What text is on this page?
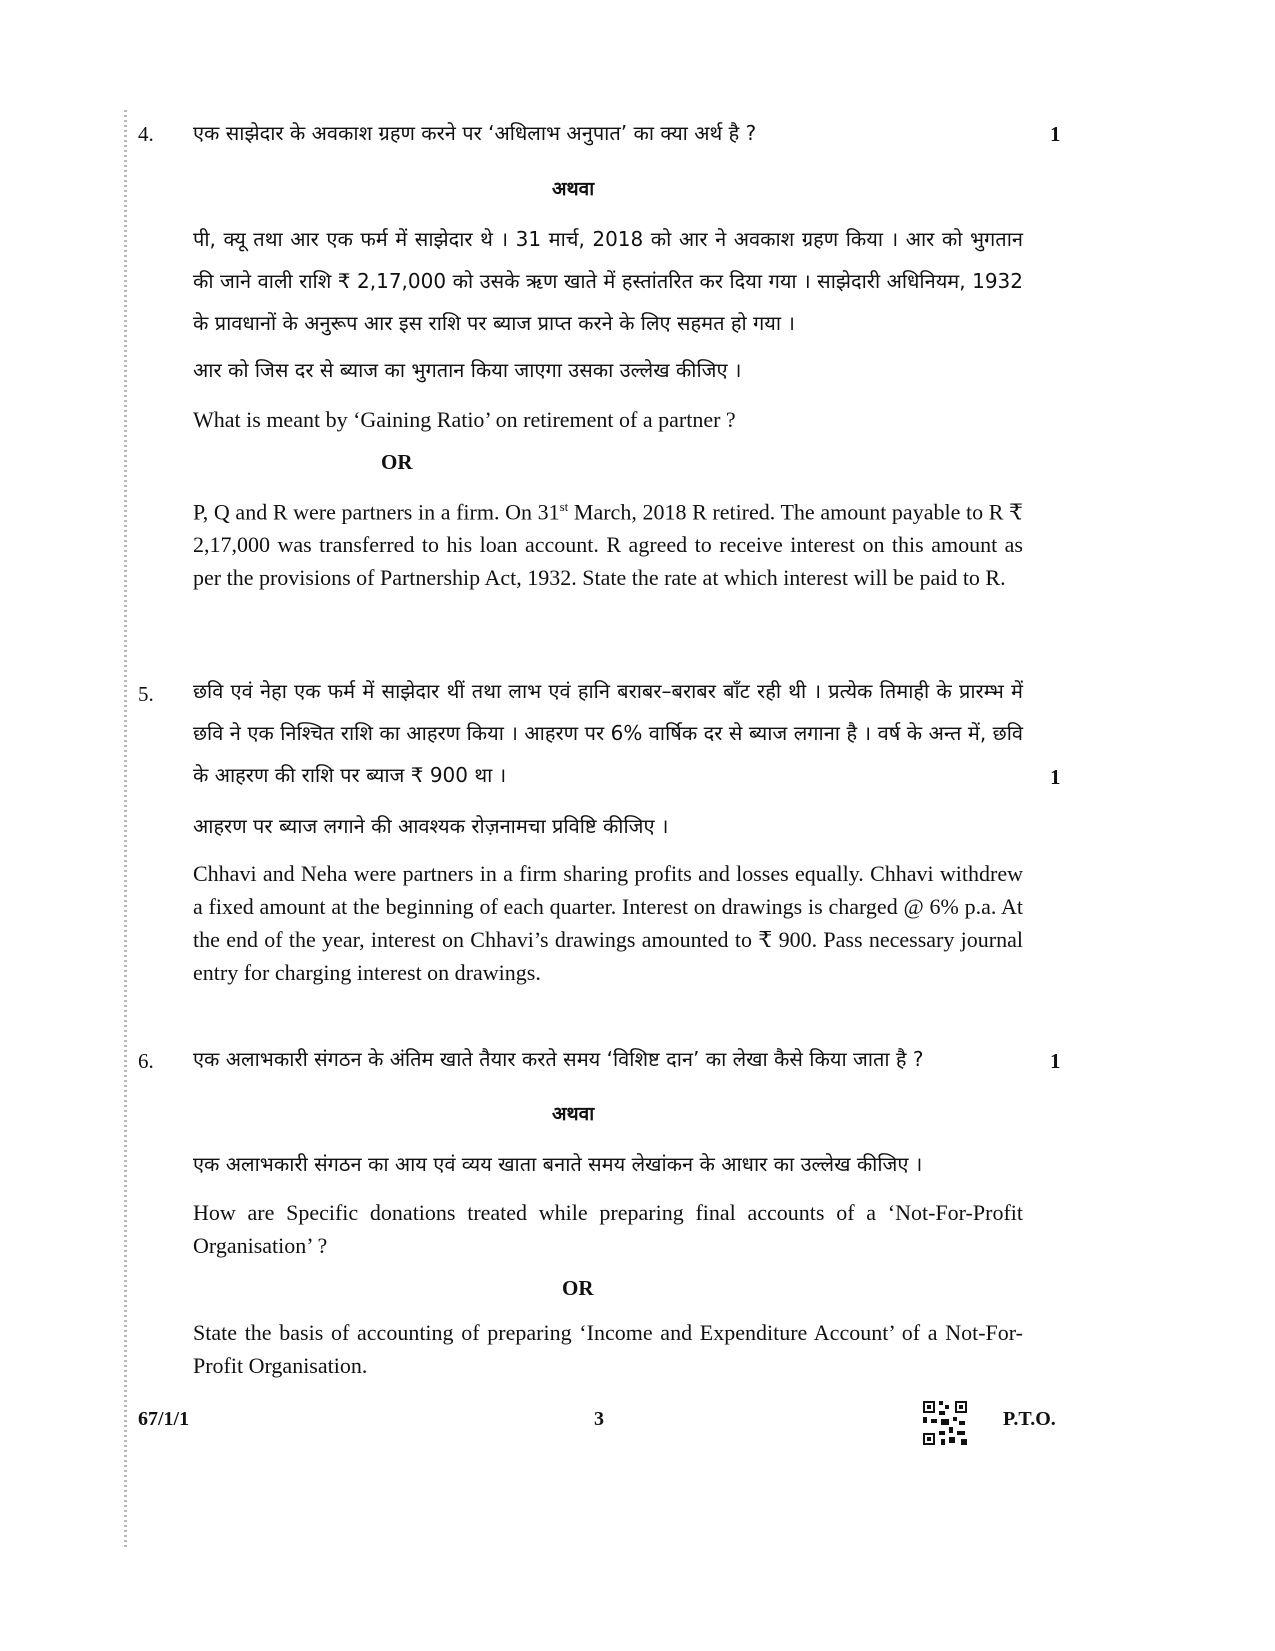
4.	1
एक साझेदार के अवकाश ग्रहण करने पर ‘अधिलाभ अनुपात’ का क्या अर्थ है ?
अथवा
पी, क्यू तथा आर एक फर्म में साझेदार थे । 31 मार्च, 2018 को आर ने अवकाश ग्रहण किया । आर को भुगतान की जाने वाली राशि ₹ 2,17,000 को उसके ऋण खाते में हस्तांतरित कर दिया गया । साझेदारी अधिनियम, 1932 के प्रावधानों के अनुरूप आर इस राशि पर ब्याज प्राप्त करने के लिए सहमत हो गया ।
आर को जिस दर से ब्याज का भुगतान किया जाएगा उसका उल्लेख कीजिए ।
What is meant by ‘Gaining Ratio’ on retirement of a partner ?
OR
P, Q and R were partners in a firm. On 31st March, 2018 R retired. The amount payable to R ₹ 2,17,000 was transferred to his loan account. R agreed to receive interest on this amount as per the provisions of Partnership Act, 1932. State the rate at which interest will be paid to R.
5.
1
छवि एवं नेहा एक फर्म में साझेदार थीं तथा लाभ एवं हानि बराबर–बराबर बाँट रही थी । प्रत्येक तिमाही के प्रारम्भ में छवि ने एक निश्चित राशि का आहरण किया । आहरण पर 6% वार्षिक दर से ब्याज लगाना है । वर्ष के अन्त में, छवि के आहरण की राशि पर ब्याज ₹ 900 था ।
आहरण पर ब्याज लगाने की आवश्यक रोज़नामचा प्रविष्टि कीजिए ।
Chhavi and Neha were partners in a firm sharing profits and losses equally. Chhavi withdrew a fixed amount at the beginning of each quarter. Interest on drawings is charged @ 6% p.a. At the end of the year, interest on Chhavi’s drawings amounted to ₹ 900. Pass necessary journal entry for charging interest on drawings.
6.	1
एक अलाभकारी संगठन के अंतिम खाते तैयार करते समय ‘विशिष्ट दान’ का लेखा कैसे किया जाता है ?
अथवा
एक अलाभकारी संगठन का आय एवं व्यय खाता बनाते समय लेखांकन के आधार का उल्लेख कीजिए ।
How are Specific donations treated while preparing final accounts of a ‘Not-For-Profit Organisation’ ?
OR
State the basis of accounting of preparing ‘Income and Expenditure Account’ of a Not-For-Profit Organisation.
67/1/1	3	P.T.O.
